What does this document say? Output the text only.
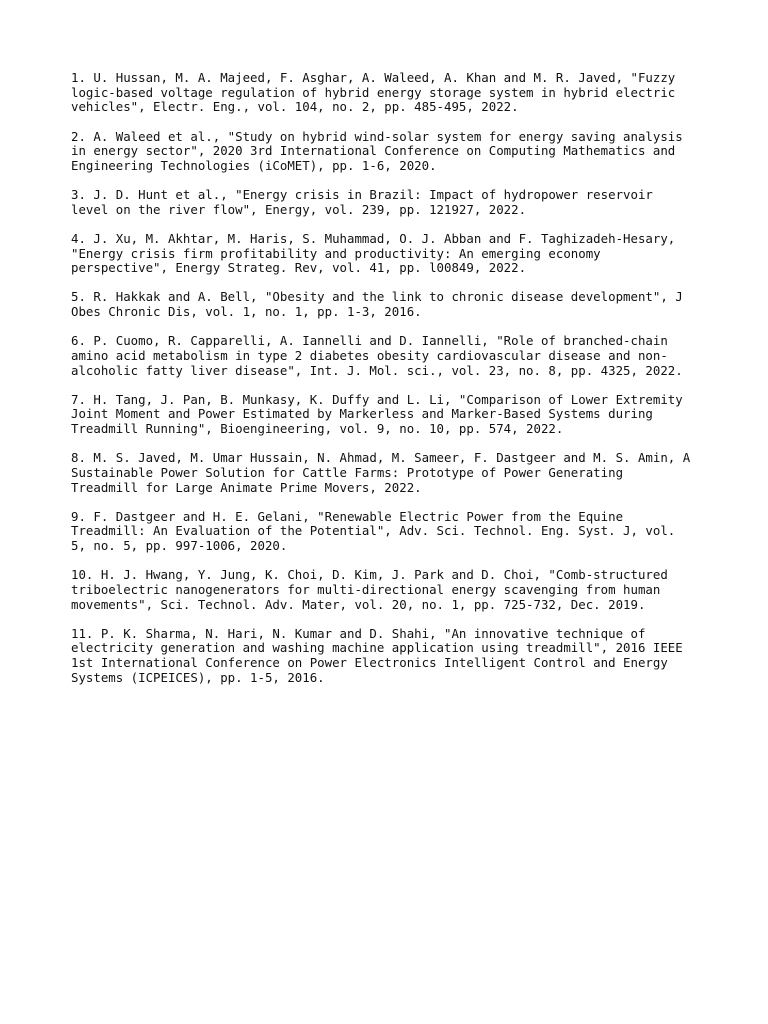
1. U. Hussan, M. A. Majeed, F. Asghar, A. Waleed, A. Khan and M. R. Javed, "Fuzzy
logic-based voltage regulation of hybrid energy storage system in hybrid electric
vehicles", Electr. Eng., vol. 104, no. 2, pp. 485-495, 2022.
2. A. Waleed et al., "Study on hybrid wind-solar system for energy saving analysis
in energy sector", 2020 3rd International Conference on Computing Mathematics and
Engineering Technologies (iCoMET), pp. 1-6, 2020.
3. J. D. Hunt et al., "Energy crisis in Brazil: Impact of hydropower reservoir
level on the river flow", Energy, vol. 239, pp. 121927, 2022.
4. J. Xu, M. Akhtar, M. Haris, S. Muhammad, O. J. Abban and F. Taghizadeh-Hesary,
"Energy crisis firm profitability and productivity: An emerging economy
perspective", Energy Strateg. Rev, vol. 41, pp. l00849, 2022.
5. R. Hakkak and A. Bell, "Obesity and the link to chronic disease development", J
Obes Chronic Dis, vol. 1, no. 1, pp. 1-3, 2016.
6. P. Cuomo, R. Capparelli, A. Iannelli and D. Iannelli, "Role of branched-chain
amino acid metabolism in type 2 diabetes obesity cardiovascular disease and non-
alcoholic fatty liver disease", Int. J. Mol. sci., vol. 23, no. 8, pp. 4325, 2022.
7. H. Tang, J. Pan, B. Munkasy, K. Duffy and L. Li, "Comparison of Lower Extremity
Joint Moment and Power Estimated by Markerless and Marker-Based Systems during
Treadmill Running", Bioengineering, vol. 9, no. 10, pp. 574, 2022.
8. M. S. Javed, M. Umar Hussain, N. Ahmad, M. Sameer, F. Dastgeer and M. S. Amin, A
Sustainable Power Solution for Cattle Farms: Prototype of Power Generating
Treadmill for Large Animate Prime Movers, 2022.
9. F. Dastgeer and H. E. Gelani, "Renewable Electric Power from the Equine
Treadmill: An Evaluation of the Potential", Adv. Sci. Technol. Eng. Syst. J, vol.
5, no. 5, pp. 997-1006, 2020.
10. H. J. Hwang, Y. Jung, K. Choi, D. Kim, J. Park and D. Choi, "Comb-structured
triboelectric nanogenerators for multi-directional energy scavenging from human
movements", Sci. Technol. Adv. Mater, vol. 20, no. 1, pp. 725-732, Dec. 2019.
11. P. K. Sharma, N. Hari, N. Kumar and D. Shahi, "An innovative technique of
electricity generation and washing machine application using treadmill", 2016 IEEE
1st International Conference on Power Electronics Intelligent Control and Energy
Systems (ICPEICES), pp. 1-5, 2016.
